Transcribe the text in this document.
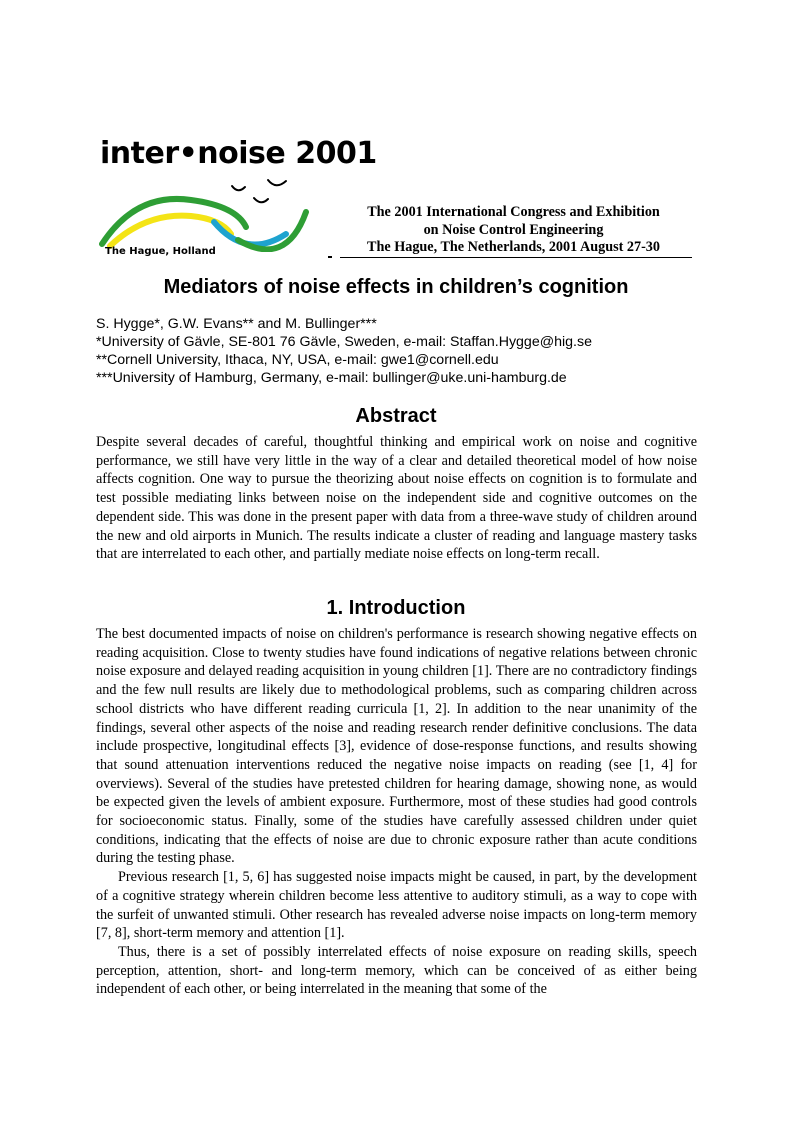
inter•noise 2001
The Hague, Holland
The 2001 International Congress and Exhibition
on Noise Control Engineering
The Hague, The Netherlands, 2001 August 27-30
Mediators of noise effects in children’s cognition
S. Hygge*, G.W. Evans** and M. Bullinger***
*University of Gävle, SE-801 76 Gävle, Sweden, e-mail: Staffan.Hygge@hig.se
**Cornell University, Ithaca, NY, USA, e-mail: gwe1@cornell.edu
***University of Hamburg, Germany, e-mail: bullinger@uke.uni-hamburg.de
Abstract
Despite several decades of careful, thoughtful thinking and empirical work on noise and cognitive performance, we still have very little in the way of a clear and detailed theoretical model of how noise affects cognition. One way to pursue the theorizing about noise effects on cognition is to formulate and test possible mediating links between noise on the independent side and cognitive outcomes on the dependent side. This was done in the present paper with data from a three-wave study of children around the new and old airports in Munich. The results indicate a cluster of reading and language mastery tasks that are interrelated to each other, and partially mediate noise effects on long-term recall.
1. Introduction

The best documented impacts of noise on children's performance is research showing negative effects on reading acquisition. Close to twenty studies have found indications of negative relations between chronic noise exposure and delayed reading acquisition in young children [1]. There are no contradictory findings and the few null results are likely due to methodological problems, such as comparing children across school districts who have different reading curricula [1, 2]. In addition to the near unanimity of the findings, several other aspects of the noise and reading research render definitive conclusions. The data include prospective, longitudinal effects [3], evidence of dose-response functions, and results showing that sound attenuation interventions reduced the negative noise impacts on reading (see [1, 4] for overviews). Several of the studies have pretested children for hearing damage, showing none, as would be expected given the levels of ambient exposure. Furthermore, most of these studies had good controls for socioeconomic status. Finally, some of the studies have carefully assessed children under quiet conditions, indicating that the effects of noise are due to chronic exposure rather than acute conditions during the testing phase.

Previous research [1, 5, 6] has suggested noise impacts might be caused, in part, by the development of a cognitive strategy wherein children become less attentive to auditory stimuli, as a way to cope with the surfeit of unwanted stimuli. Other research has revealed adverse noise impacts on long-term memory [7, 8], short-term memory and attention [1].

Thus, there is a set of possibly interrelated effects of noise exposure on reading skills, speech perception, attention, short- and long-term memory, which can be conceived of as either being independent of each other, or being interrelated in the meaning that some of the
